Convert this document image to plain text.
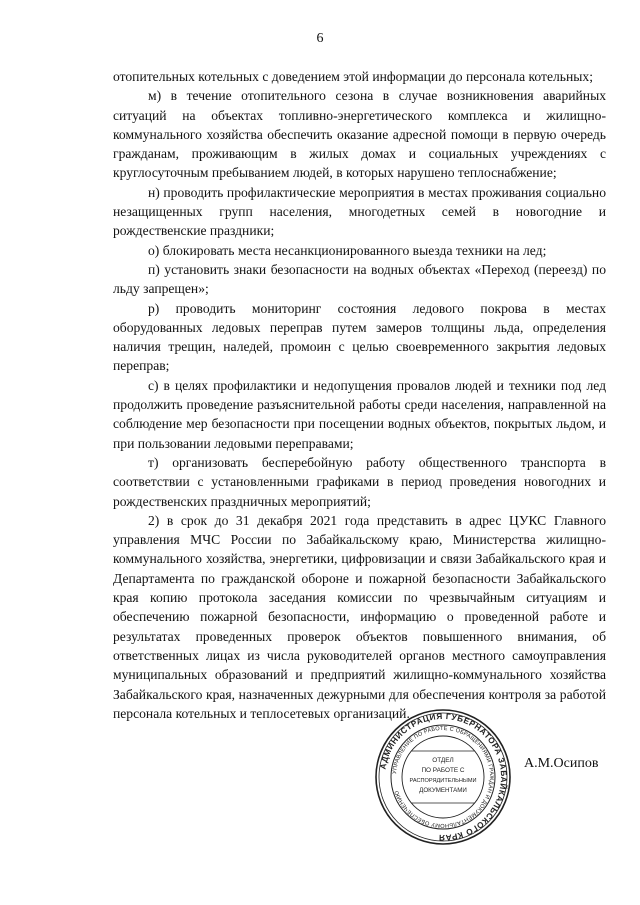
6

отопительных котельных с доведением этой информации до персонала котельных;

м) в течение отопительного сезона в случае возникновения аварийных ситуаций на объектах топливно-энергетического комплекса и жилищно-коммунального хозяйства обеспечить оказание адресной помощи в первую очередь гражданам, проживающим в жилых домах и социальных учреждениях с круглосуточным пребыванием людей, в которых нарушено теплоснабжение;

н) проводить профилактические мероприятия в местах проживания социально незащищенных групп населения, многодетных семей в новогодние и рождественские праздники;

о) блокировать места несанкционированного выезда техники на лед;

п) установить знаки безопасности на водных объектах «Переход (переезд) по льду запрещен»;

р) проводить мониторинг состояния ледового покрова в местах оборудованных ледовых переправ путем замеров толщины льда, определения наличия трещин, наледей, промоин с целью своевременного закрытия ледовых переправ;

с) в целях профилактики и недопущения провалов людей и техники под лед продолжить проведение разъяснительной работы среди населения, направленной на соблюдение мер безопасности при посещении водных объектов, покрытых льдом, и при пользовании ледовыми переправами;

т) организовать бесперебойную работу общественного транспорта в соответствии с установленными графиками в период проведения новогодних и рождественских праздничных мероприятий;

2) в срок до 31 декабря 2021 года представить в адрес ЦУКС Главного управления МЧС России по Забайкальскому краю, Министерства жилищно-коммунального хозяйства, энергетики, цифровизации и связи Забайкальского края и Департамента по гражданской обороне и пожарной безопасности Забайкальского края копию протокола заседания комиссии по чрезвычайным ситуациям и обеспечению пожарной безопасности, информацию о проведенной работе и результатах проведенных проверок объектов повышенного внимания, об ответственных лицах из числа руководителей органов местного самоуправления муниципальных образований и предприятий жилищно-коммунального хозяйства Забайкальского края, назначенных дежурными для обеспечения контроля за работой персонала котельных и теплосетевых организаций.

АДМИНИСТРАЦИЯ ГУБЕРНАТОРА ЗАБАЙКАЛЬСКОГО КРАЯ
УПРАВЛЕНИЕ ПО РАБОТЕ С ОБРАЩЕНИЯМИ ГРАЖДАН И ДОКУМЕНТАЛЬНОМУ ОБЕСПЕЧЕНИЮ
ОТДЕЛ
ПО РАБОТЕ С
РАСПОРЯДИТЕЛЬНЫМИ
ДОКУМЕНТАМИ
А.М.Осипов
